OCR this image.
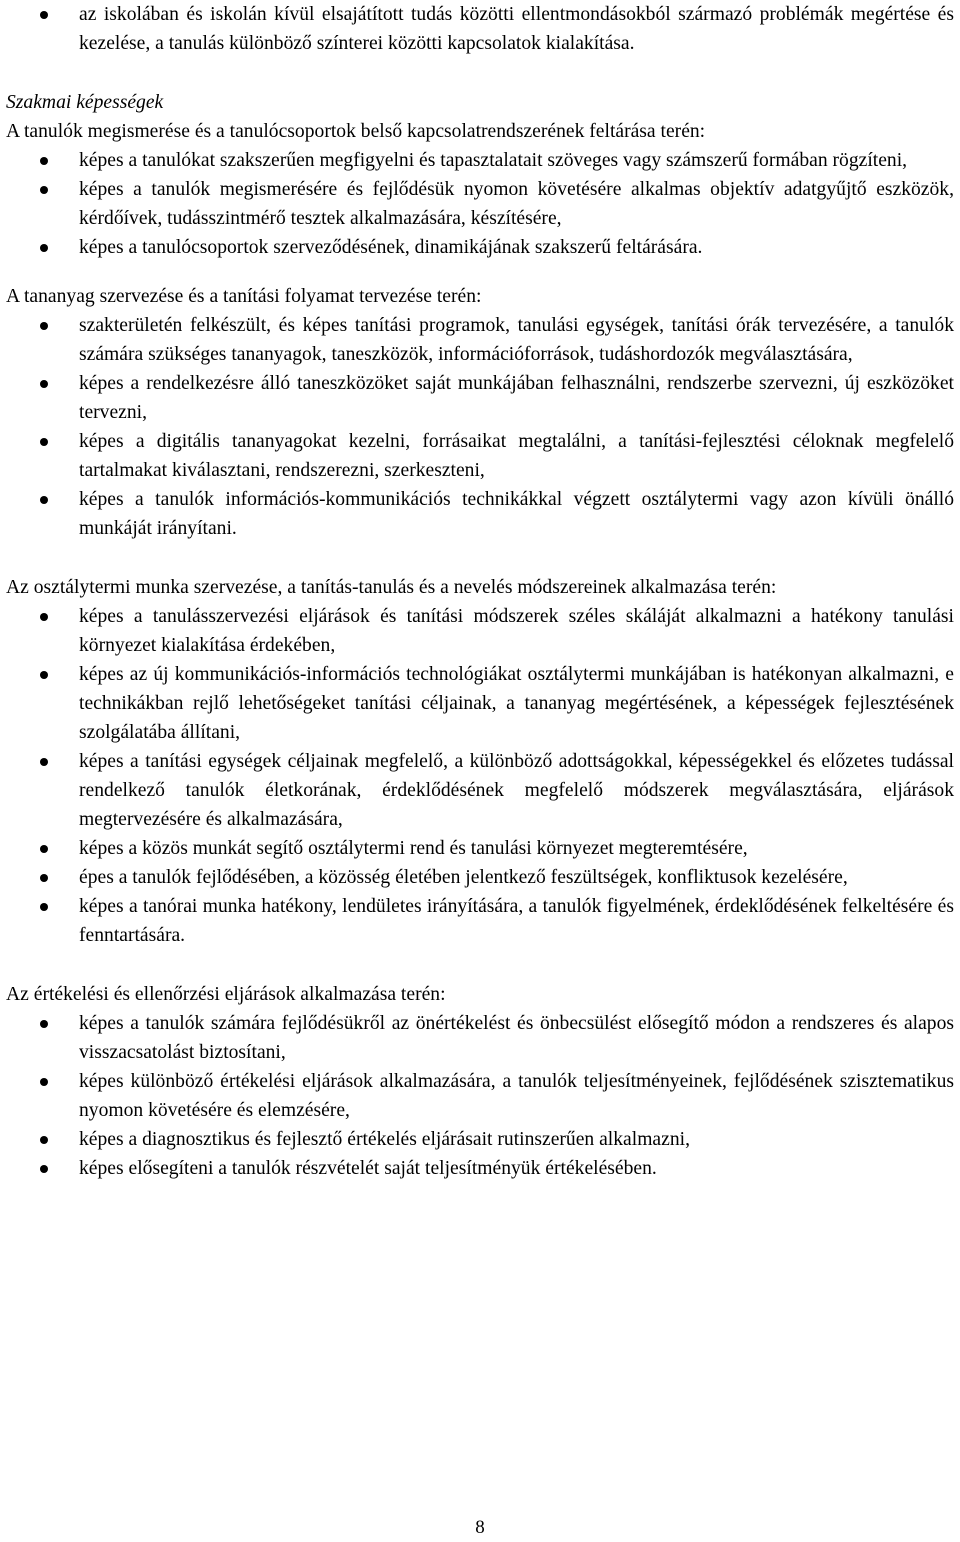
az iskolában és iskolán kívül elsajátított tudás közötti ellentmondásokból származó problémák megértése és kezelése, a tanulás különböző színterei közötti kapcsolatok kialakítása.

Szakmai képességek

A tanulók megismerése és a tanulócsoportok belső kapcsolatrendszerének feltárása terén:

képes a tanulókat szakszerűen megfigyelni és tapasztalatait szöveges vagy számszerű formában rögzíteni,
képes a tanulók megismerésére és fejlődésük nyomon követésére alkalmas objektív adatgyűjtő eszközök, kérdőívek, tudásszintmérő tesztek alkalmazására, készítésére,
képes a tanulócsoportok szerveződésének, dinamikájának szakszerű feltárására.

A tananyag szervezése és a tanítási folyamat tervezése terén:

szakterületén felkészült, és képes tanítási programok, tanulási egységek, tanítási órák tervezésére, a tanulók számára szükséges tananyagok, taneszközök, információforrások, tudáshordozók megválasztására,
képes a rendelkezésre álló taneszközöket saját munkájában felhasználni, rendszerbe szervezni, új eszközöket tervezni,
képes a digitális tananyagokat kezelni, forrásaikat megtalálni, a tanítási-fejlesztési céloknak megfelelő tartalmakat kiválasztani, rendszerezni, szerkeszteni,
képes a tanulók információs-kommunikációs technikákkal végzett osztálytermi vagy azon kívüli önálló munkáját irányítani.

Az osztálytermi munka szervezése, a tanítás-tanulás és a nevelés módszereinek alkalmazása terén:

képes a tanulásszervezési eljárások és tanítási módszerek széles skáláját alkalmazni a hatékony tanulási környezet kialakítása érdekében,
képes az új kommunikációs-információs technológiákat osztálytermi munkájában is hatékonyan alkalmazni, e technikákban rejlő lehetőségeket tanítási céljainak, a tananyag megértésének, a képességek fejlesztésének szolgálatába állítani,
képes a tanítási egységek céljainak megfelelő, a különböző adottságokkal, képességekkel és előzetes tudással rendelkező tanulók életkorának, érdeklődésének megfelelő módszerek megválasztására, eljárások megtervezésére és alkalmazására,
képes a közös munkát segítő osztálytermi rend és tanulási környezet megteremtésére,
épes a tanulók fejlődésében, a közösség életében jelentkező feszültségek, konfliktusok kezelésére,
képes a tanórai munka hatékony, lendületes irányítására, a tanulók figyelmének, érdeklődésének felkeltésére és fenntartására.

Az értékelési és ellenőrzési eljárások alkalmazása terén:

képes a tanulók számára fejlődésükről az önértékelést és önbecsülést elősegítő módon a rendszeres és alapos visszacsatolást biztosítani,
képes különböző értékelési eljárások alkalmazására, a tanulók teljesítményeinek, fejlődésének szisztematikus nyomon követésére és elemzésére,
képes a diagnosztikus és fejlesztő értékelés eljárásait rutinszerűen alkalmazni,
képes elősegíteni a tanulók részvételét saját teljesítményük értékelésében.
8
